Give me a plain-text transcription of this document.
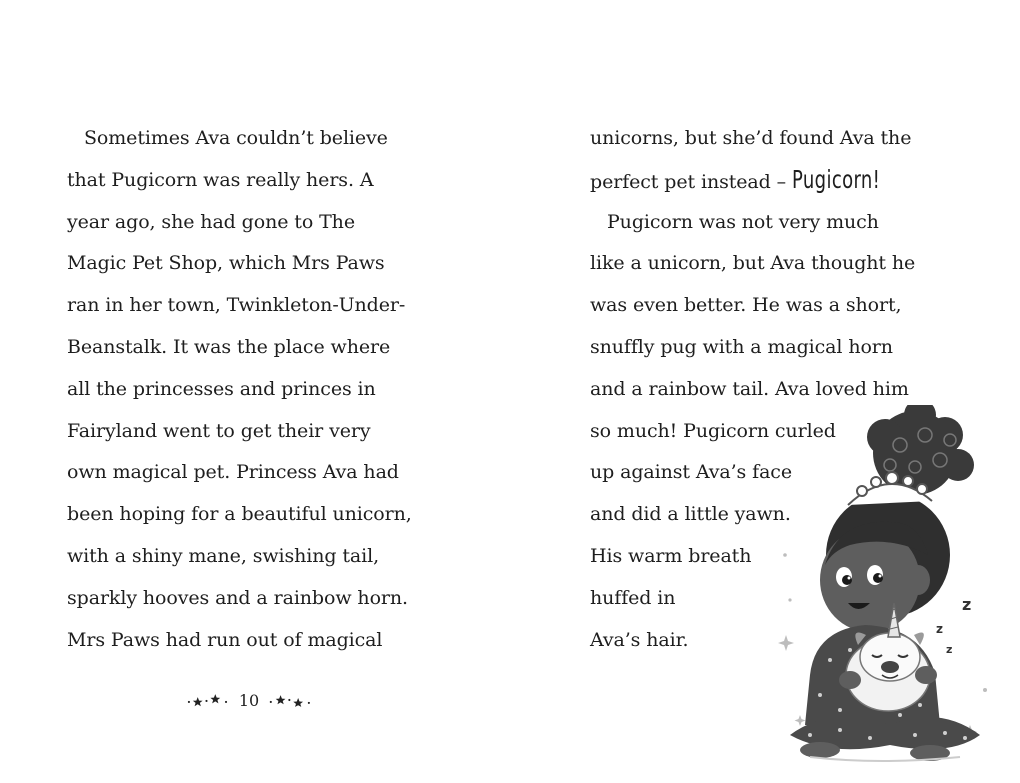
Sometimes Ava couldn’t believe
that Pugicorn was really hers. A
year ago, she had gone to The
Magic Pet Shop, which Mrs Paws
ran in her town, Twinkleton-Under-
Beanstalk. It was the place where
all the princesses and princes in
Fairyland went to get their very
own magical pet. Princess Ava had
been hoping for a beautiful unicorn,
with a shiny mane, swishing tail,
sparkly hooves and a rainbow horn.
Mrs Paws had run out of magical
10
unicorns, but she’d found Ava the
perfect pet instead – Pugicorn!
Pugicorn was not very much
like a unicorn, but Ava thought he
was even better. He was a short,
snuffly pug with a magical horn
and a rainbow tail. Ava loved him
so much! Pugicorn curled
up against Ava’s face
and did a little yawn.
His warm breath
huffed in
Ava’s hair.
z
z
z
